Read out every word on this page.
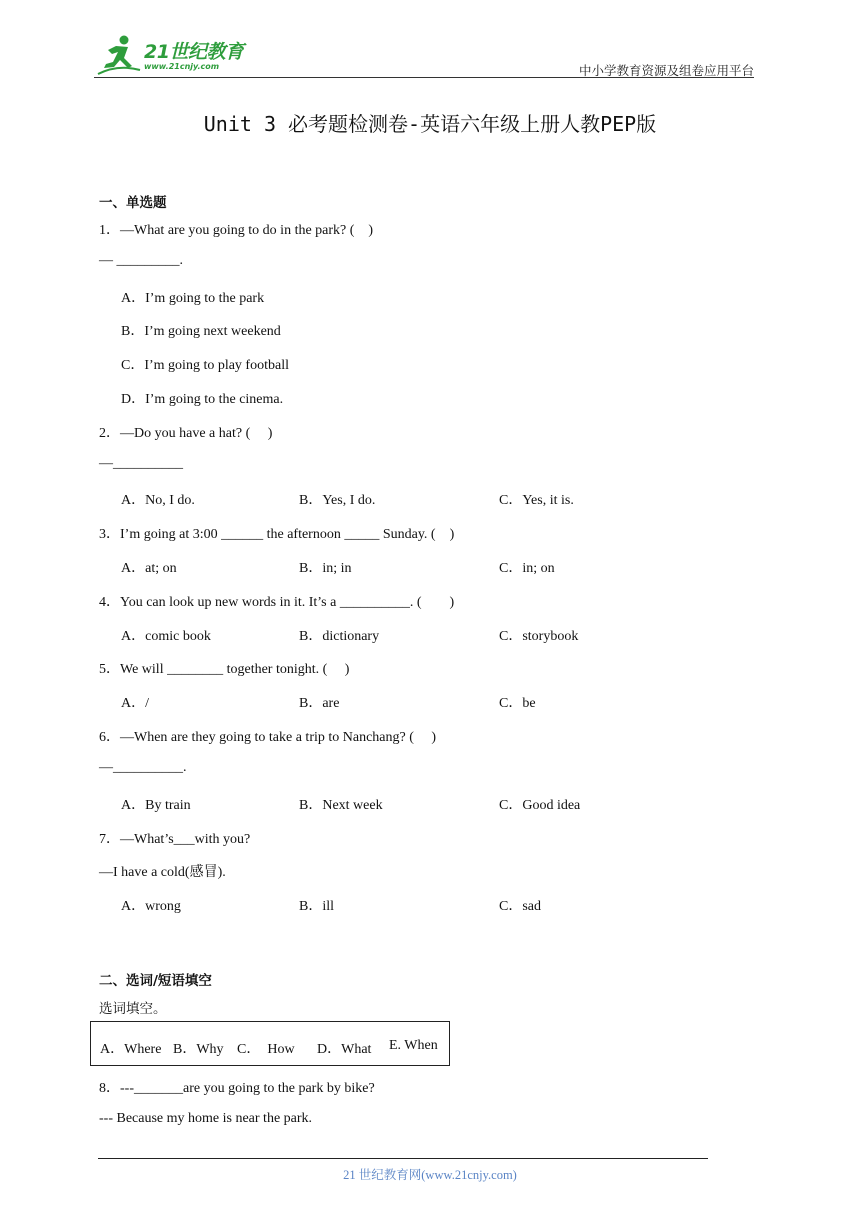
21世纪教育
www.21cnjy.com	中小学教育资源及组卷应用平台
Unit 3 必考题检测卷-英语六年级上册人教PEP版
一、单选题
1．—What are you going to do in the park? (    )
— _________.
A．I’m going to the park
B．I’m going next weekend
C．I’m going to play football
D．I’m going to the cinema.
2．—Do you have a hat? (     )
—__________
A．No, I do.	B．Yes, I do.	C．Yes, it is.
3．I’m going at 3:00 ______ the afternoon _____ Sunday. (    )
A．at; on	B．in; in	C．in; on
4．You can look up new words in it. It’s a __________. (        )
A．comic book	B．dictionary	C．storybook
5．We will ________ together tonight. (     )
A．/	B．are	C．be
6．—When are they going to take a trip to Nanchang? (     )
—__________.
A．By train	B．Next week	C．Good idea
7．—What’s___with you?
—I have a cold(感冒).
A．wrong	B．ill	C．sad
二、选词/短语填空
选词填空。
A．Where B．Why C．  How D．What E. When
8．---_______are you going to the park by bike?
--- Because my home is near the park.
21 世纪教育网(www.21cnjy.com)
